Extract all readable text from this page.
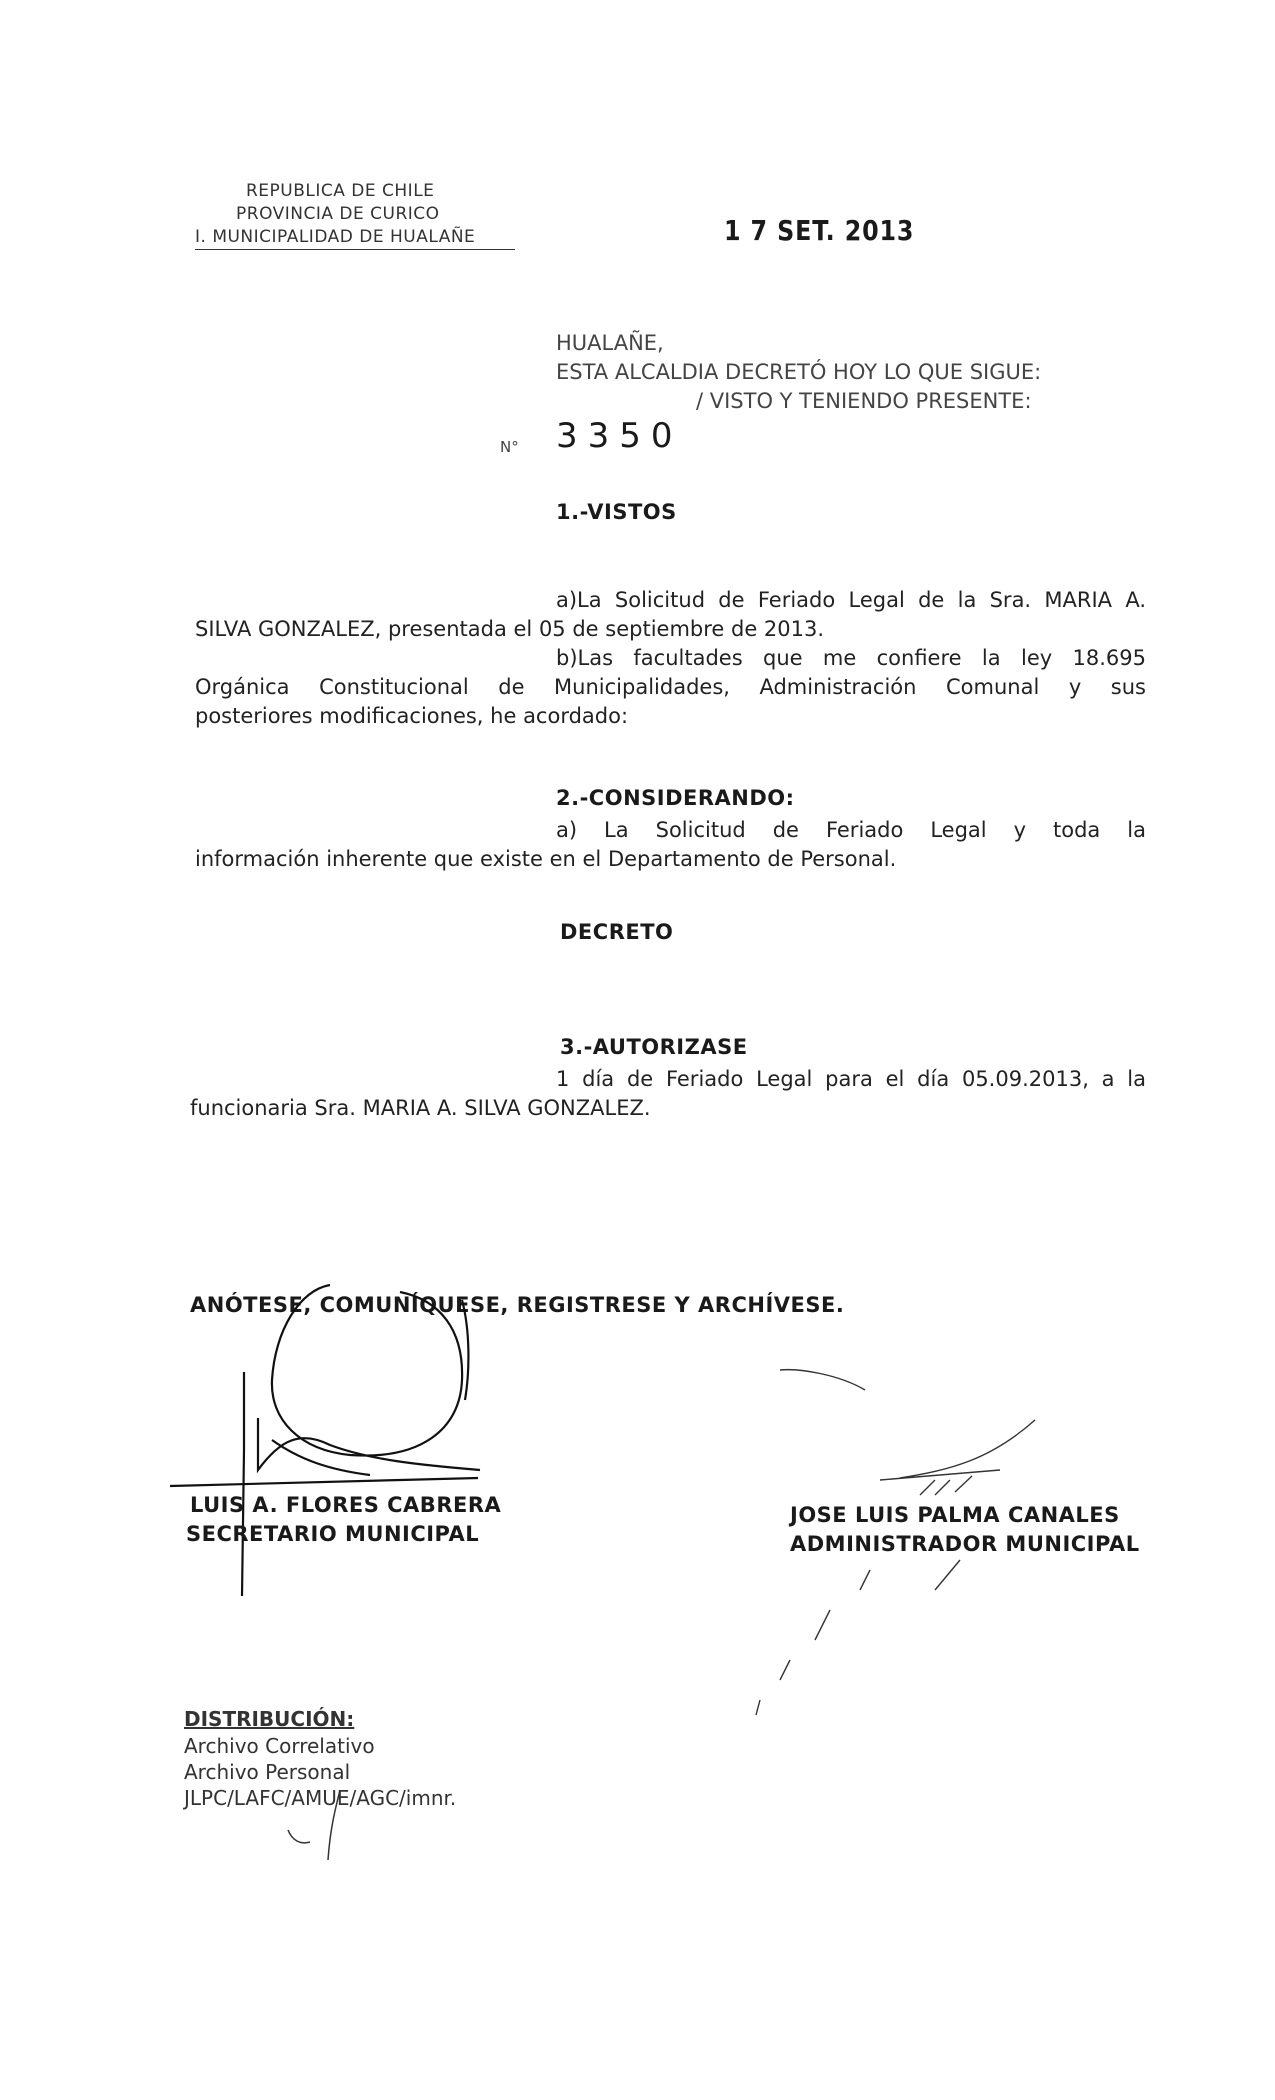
REPUBLICA DE CHILE
PROVINCIA DE CURICO
I. MUNICIPALIDAD DE HUALAÑE	1 7 SET. 2013
HUALAÑE,
ESTA ALCALDIA DECRETÓ HOY LO QUE SIGUE:
/ VISTO Y TENIENDO PRESENTE:
N° 3350
1.-VISTOS
a)La Solicitud de Feriado Legal de la Sra. MARIA A.
SILVA GONZALEZ, presentada el 05 de septiembre de 2013.
b)Las facultades que me confiere la ley 18.695
Orgánica Constitucional de Municipalidades, Administración Comunal y sus
posteriores modificaciones, he acordado:
2.-CONSIDERANDO:
a) La Solicitud de Feriado Legal y toda la
información inherente que existe en el Departamento de Personal.
DECRETO
3.-AUTORIZASE
1 día de Feriado Legal para el día 05.09.2013, a la
funcionaria Sra. MARIA A. SILVA GONZALEZ.
ANÓTESE, COMUNÍQUESE, REGISTRESE Y ARCHÍVESE.
LUIS A. FLORES CABRERA
SECRETARIO MUNICIPAL
JOSE LUIS PALMA CANALES
ADMINISTRADOR MUNICIPAL
DISTRIBUCIÓN:
Archivo Correlativo
Archivo Personal
JLPC/LAFC/AMUE/AGC/imnr.
